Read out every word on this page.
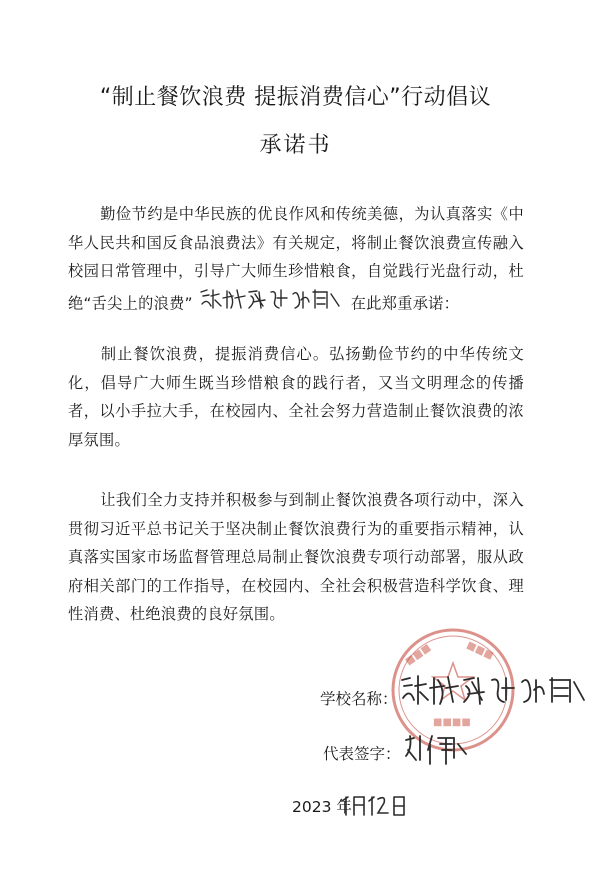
“制止餐饮浪费 提振消费信心”行动倡议
承诺书

勤俭节约是中华民族的优良作风和传统美德，为认真落实《中华人民共和国反食品浪费法》有关规定，将制止餐饮浪费宣传融入校园日常管理中，引导广大师生珍惜粮食，自觉践行光盘行动，杜绝“舌尖上的浪费”	在此郑重承诺：

制止餐饮浪费，提振消费信心。弘扬勤俭节约的中华传统文化，倡导广大师生既当珍惜粮食的践行者，又当文明理念的传播者，以小手拉大手，在校园内、全社会努力营造制止餐饮浪费的浓厚氛围。

让我们全力支持并积极参与到制止餐饮浪费各项行动中，深入贯彻习近平总书记关于坚决制止餐饮浪费行为的重要指示精神，认真落实国家市场监督管理总局制止餐饮浪费专项行动部署，服从政府相关部门的工作指导，在校园内、全社会积极营造科学饮食、理性消费、杜绝浪费的良好氛围。

■■■	■■■
■■■■
学校名称：
代表签字：
2023 年
